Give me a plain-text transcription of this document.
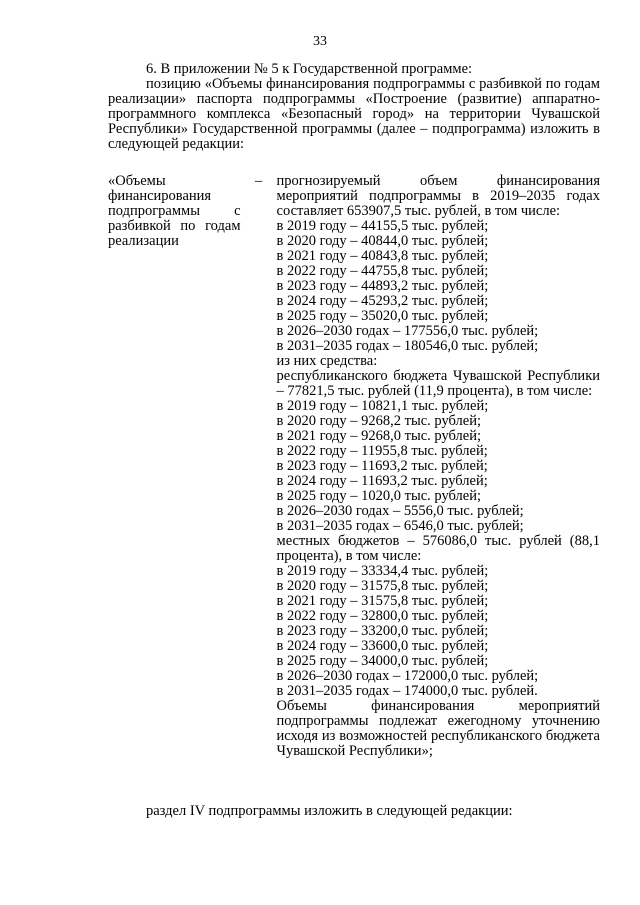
33

6. В приложении № 5 к Государственной программе:

позицию «Объемы финансирования подпрограммы с разбивкой по годам реализации» паспорта подпрограммы «Построение (развитие) аппаратно-программного комплекса «Безопасный город» на территории Чувашской Республики» Государственной программы (далее – подпрограмма) изложить в следующей редакции:

«Объемы финансирования подпрограммы с разбивкой по годам реализации
– прогнозируемый объем финансирования мероприятий подпрограммы в 2019–2035 годах составляет 653907,5 тыс. рублей, в том числе:
в 2019 году – 44155,5 тыс. рублей;
в 2020 году – 40844,0 тыс. рублей;
в 2021 году – 40843,8 тыс. рублей;
в 2022 году – 44755,8 тыс. рублей;
в 2023 году – 44893,2 тыс. рублей;
в 2024 году – 45293,2 тыс. рублей;
в 2025 году – 35020,0 тыс. рублей;
в 2026–2030 годах – 177556,0 тыс. рублей;
в 2031–2035 годах – 180546,0 тыс. рублей;
из них средства:
республиканского бюджета Чувашской Республики – 77821,5 тыс. рублей (11,9 процента), в том числе:
в 2019 году – 10821,1 тыс. рублей;
в 2020 году – 9268,2 тыс. рублей;
в 2021 году – 9268,0 тыс. рублей;
в 2022 году – 11955,8 тыс. рублей;
в 2023 году – 11693,2 тыс. рублей;
в 2024 году – 11693,2 тыс. рублей;
в 2025 году – 1020,0 тыс. рублей;
в 2026–2030 годах – 5556,0 тыс. рублей;
в 2031–2035 годах – 6546,0 тыс. рублей;
местных бюджетов – 576086,0 тыс. рублей (88,1 процента), в том числе:
в 2019 году – 33334,4 тыс. рублей;
в 2020 году – 31575,8 тыс. рублей;
в 2021 году – 31575,8 тыс. рублей;
в 2022 году – 32800,0 тыс. рублей;
в 2023 году – 33200,0 тыс. рублей;
в 2024 году – 33600,0 тыс. рублей;
в 2025 году – 34000,0 тыс. рублей;
в 2026–2030 годах – 172000,0 тыс. рублей;
в 2031–2035 годах – 174000,0 тыс. рублей.
Объемы финансирования мероприятий подпрограммы подлежат ежегодному уточнению исходя из возможностей республиканского бюджета Чувашской Республики»;
раздел IV подпрограммы изложить в следующей редакции:
